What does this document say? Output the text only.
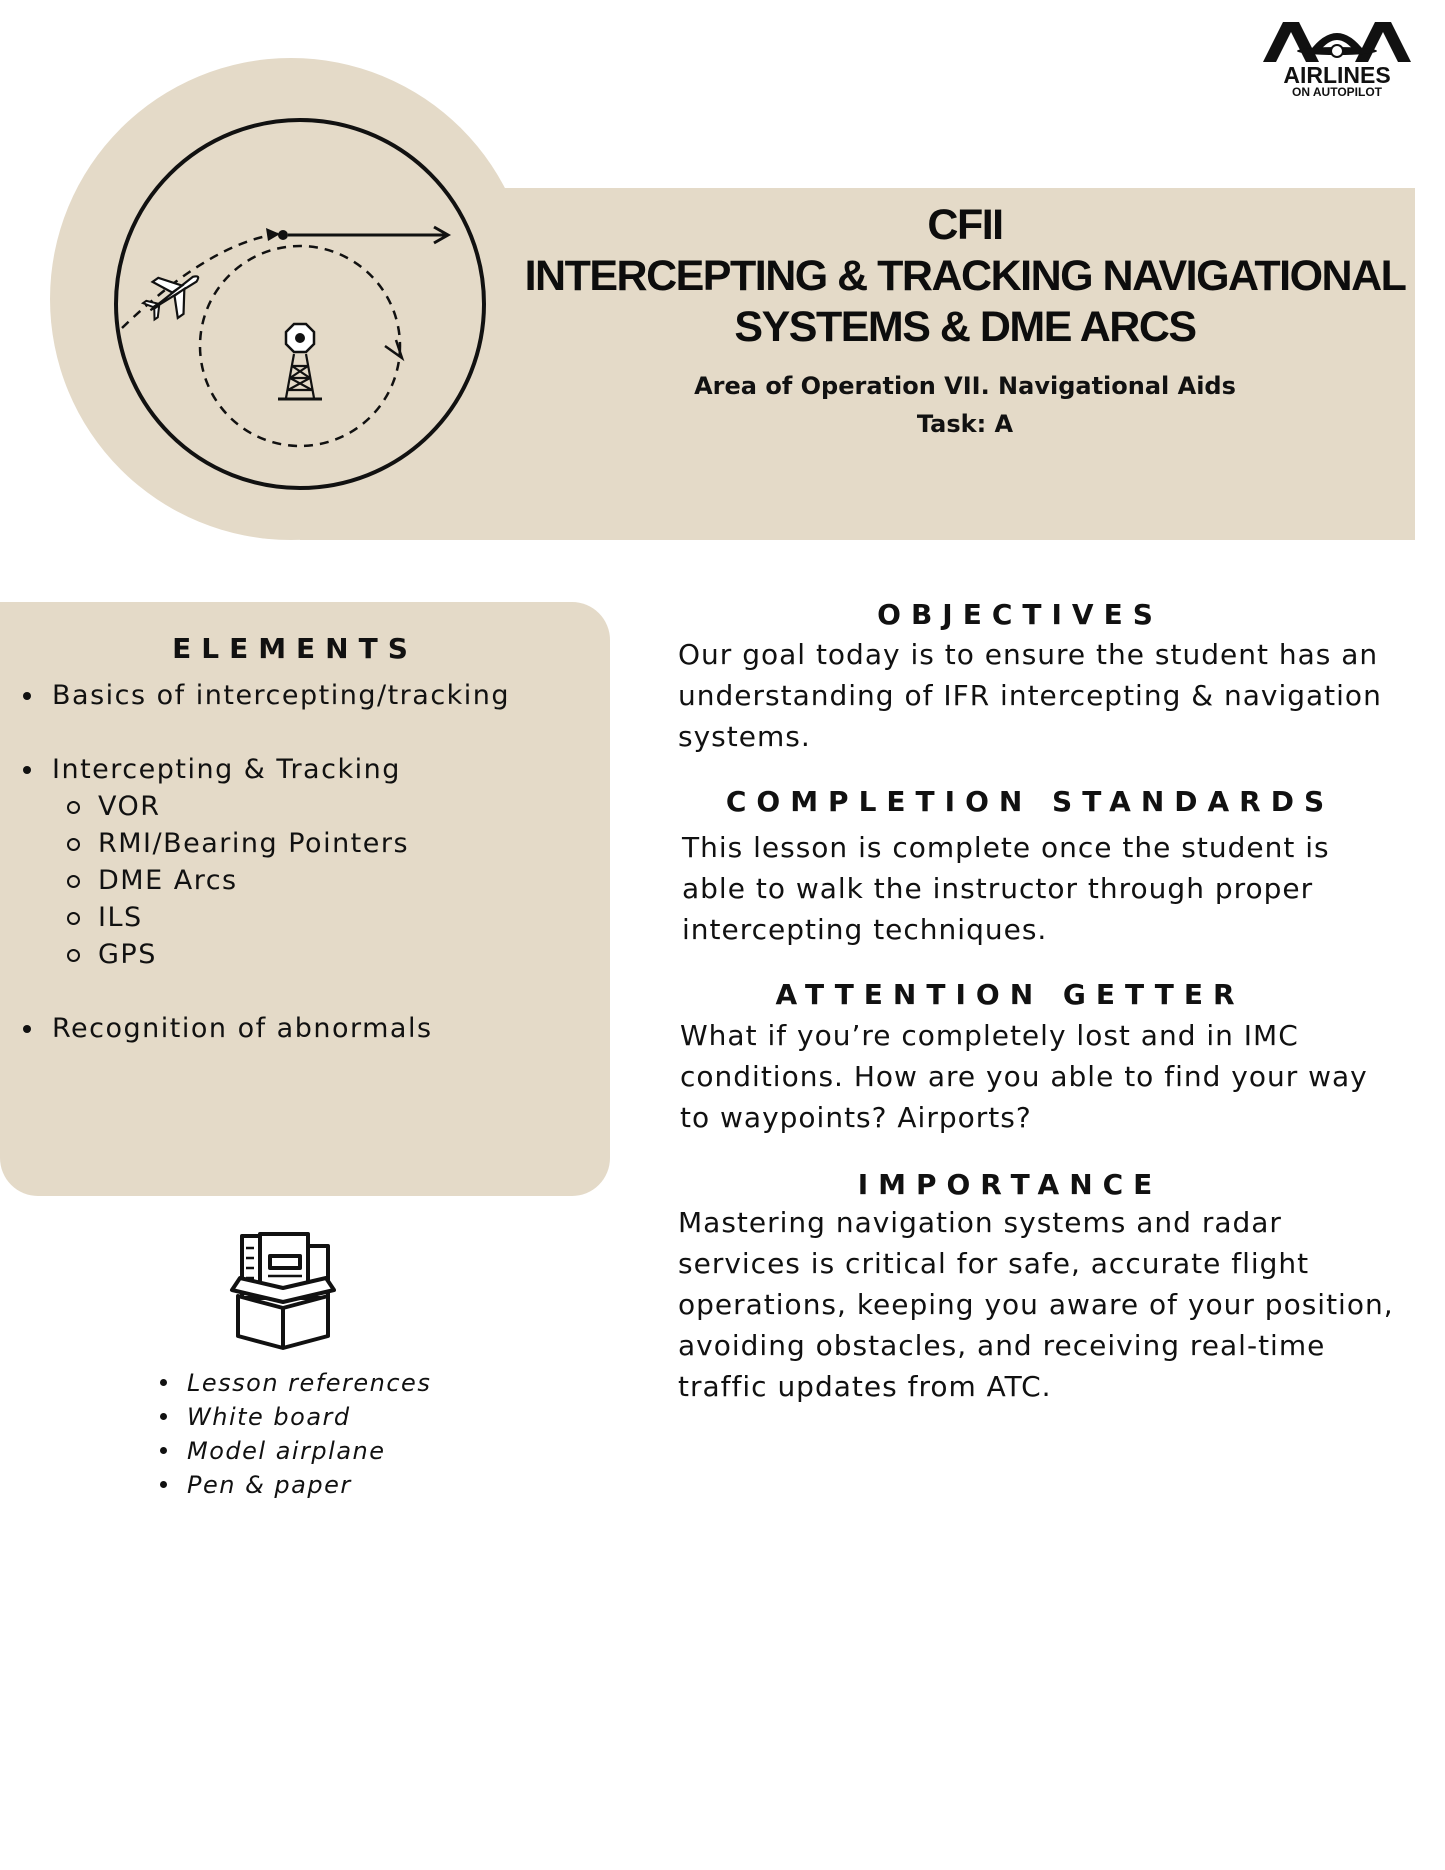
AIRLINES
ON AUTOPILOT
CFII
INTERCEPTING & TRACKING NAVIGATIONAL
SYSTEMS & DME ARCS
Area of Operation VII. Navigational Aids
Task: A
ELEMENTS
Basics of intercepting/tracking
Intercepting & Tracking
VOR
RMI/Bearing Pointers
DME Arcs
ILS
GPS
Recognition of abnormals
Lesson references
White board
Model airplane
Pen & paper
OBJECTIVES
Our goal today is to ensure the student has an understanding of IFR intercepting & navigation systems.
COMPLETION STANDARDS
This lesson is complete once the student is able to walk the instructor through proper intercepting techniques.
ATTENTION GETTER
What if you’re completely lost and in IMC conditions. How are you able to find your way to waypoints? Airports?
IMPORTANCE
Mastering navigation systems and radar services is critical for safe, accurate flight operations, keeping you aware of your position, avoiding obstacles, and receiving real-time traffic updates from ATC.
